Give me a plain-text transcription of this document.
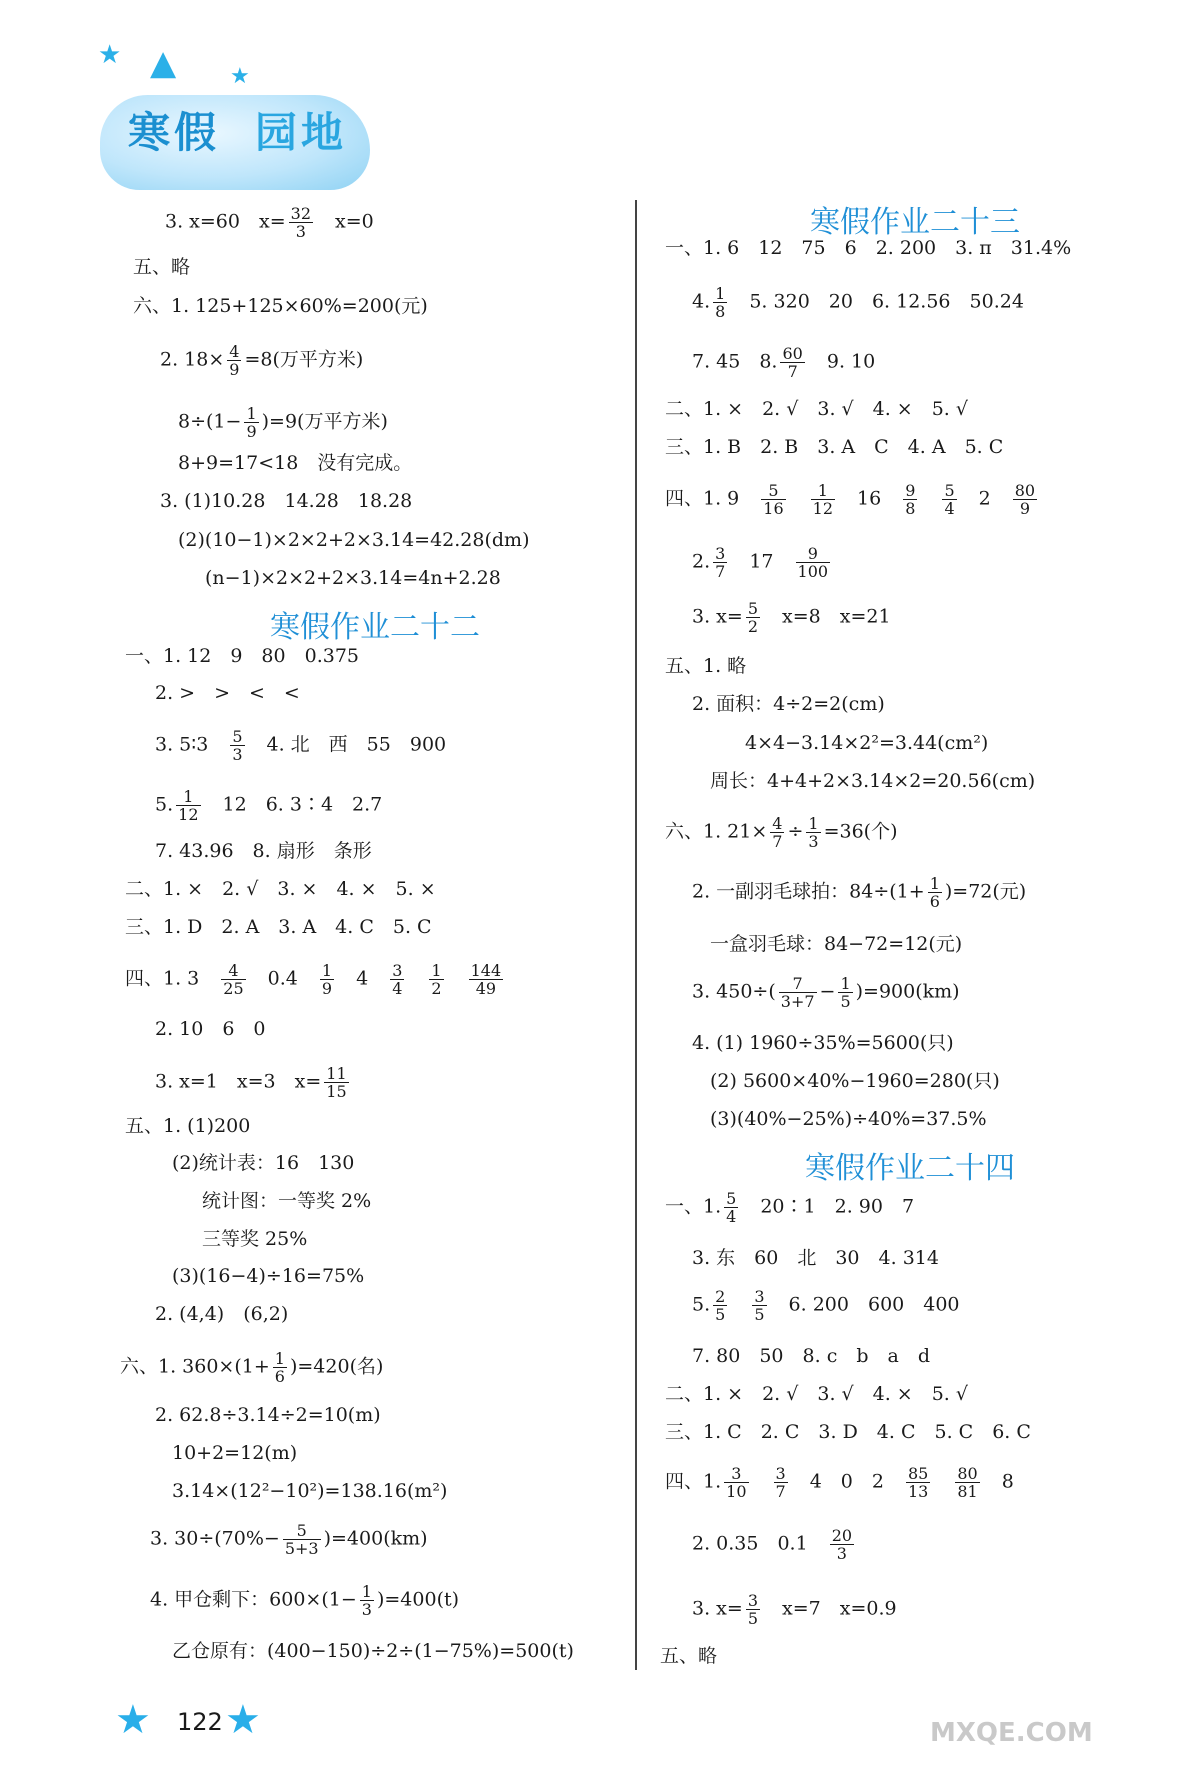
★ ▲ ★
寒假 园地
3. x=60　 $x= \frac{32}{3}$
　 x=0
五、略
六、1. 125+125×60%=200(元)
2. $18\times \frac{4}{9} =8$(万平方米)
$8\div(1- \frac{1}{9} )=9$(万平方米)
8+9=17<18　没有完成。
3. (1)10.28　14.28　18.28
(2)(10−1)×2×2+2×3.14=42.28(dm)
(n−1)×2×2+2×3.14=4n+2.28
寒假作业二十二
一、1. 12　9　80　0.375
2. >　>　<　<
3. 5∶3　 $\frac{5}{3}$
　 4. 北　西　55　900
5. $\frac{1}{12}$
　 12　6. 3∶4　2.7
7. 43.96　8. 扇形　条形
二、1. ×　2. √　3. ×　4. ×　5. ×
三、1. D　2. A　3. A　4. C　5. C
四、1. 3　 $\frac{4}{25}$
　 0.4　 $\frac{1}{9}$
　 4　 $\frac{3}{4}$
　 $\frac{1}{2}$
　 $\frac{144}{49}$
2. 10　6　0
3. x=1　x=3　$x= \frac{11}{15}$
五、1. (1)200
(2)统计表：16　130
统计图：一等奖 2%
三等奖 25%
(3)(16−4)÷16=75%
2. (4,4)　(6,2)
六、1. $360\times(1+ \frac{1}{6} )=420$(名)
2. 62.8÷3.14÷2=10(m)
10+2=12(m)
3.14×(12²−10²)=138.16(m²)
3. $30\div(70\%- \frac{5}{5+3} )=400(km)$
4. 甲仓剩下：$600\times(1- \frac{1}{3} )=400(t)$
乙仓原有：(400−150)÷2÷(1−75%)=500(t)
寒假作业二十三
一、1. 6　12　75　6　2. 200　3. π　31.4%
4. $\frac{1}{8}$
　 5. 320　20　6. 12.56　50.24
7. 45　8. $\frac{60}{7}$
　 9. 10
二、1. ×　2. √　3. √　4. ×　5. √
三、1. B　2. B　3. A　C　4. A　5. C
四、1. 9　 $\frac{5}{16}$
　 $\frac{1}{12}$
　 16　 $\frac{9}{8}$
　 $\frac{5}{4}$
　 2　 $\frac{80}{9}$
2. $\frac{3}{7}$
　 17　 $\frac{9}{100}$
3. $x= \frac{5}{2}$
　 x=8　x=21
五、1. 略
2. 面积：4÷2=2(cm)
4×4−3.14×2²=3.44(cm²)
周长：4+4+2×3.14×2=20.56(cm)
六、1. $21\times \frac{4}{7} \div \frac{1}{3} =36$(个)
2. 一副羽毛球拍：$84\div(1+ \frac{1}{6} )=72$(元)
一盒羽毛球：84−72=12(元)
3. $450\div( \frac{7}{3+7} - \frac{1}{5} )=900(km)$
4. (1) 1960÷35%=5600(只)
(2) 5600×40%−1960=280(只)
(3)(40%−25%)÷40%=37.5%
寒假作业二十四
一、1. $\frac{5}{4}$
　 20∶1　2. 90　7
3. 东　60　北　30　4. 314
5. $\frac{2}{5}$
　 $\frac{3}{5}$
　 6. 200　600　400
7. 80　50　8. c　b　a　d
二、1. ×　2. √　3. √　4. ×　5. √
三、1. C　2. C　3. D　4. C　5. C　6. C
四、1. $\frac{3}{10}$
　 $\frac{3}{7}$
　 4　0　2　 $\frac{85}{13}$
　 $\frac{80}{81}$
　 8
2. 0.35　0.1　 $\frac{20}{3}$
3. $x= \frac{3}{5}$
　 x=7　x=0.9
五、略
★ 122 ★	MXQE.COM
